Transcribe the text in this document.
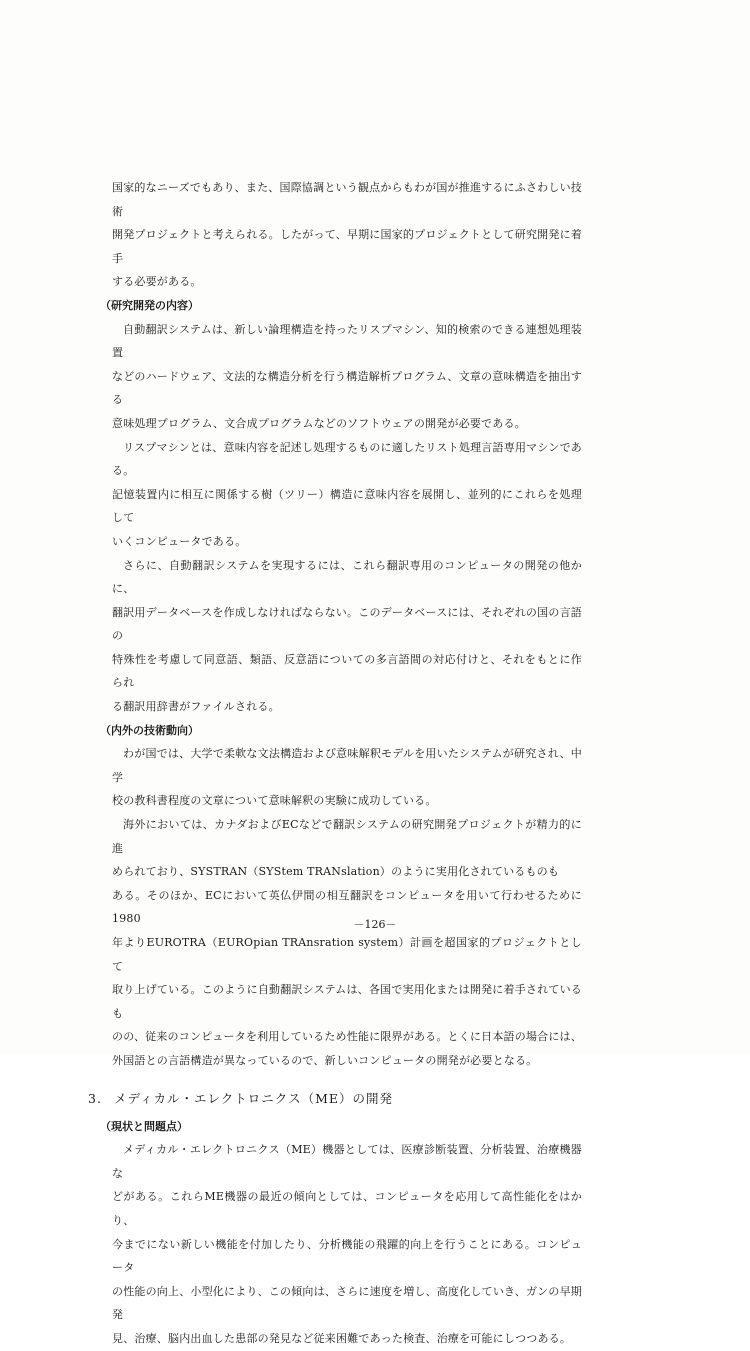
国家的なニーズでもあり、また、国際協調という観点からもわが国が推進するにふさわしい技術
開発プロジェクトと考えられる。したがって、早期に国家的プロジェクトとして研究開発に着手
する必要がある。

（研究開発の内容）

自動翻訳システムは、新しい論理構造を持ったリスプマシン、知的検索のできる連想処理装置
などのハードウェア、文法的な構造分析を行う構造解析プログラム、文章の意味構造を抽出する
意味処理プログラム、文合成プログラムなどのソフトウェアの開発が必要である。

リスプマシンとは、意味内容を記述し処理するものに適したリスト処理言語専用マシンである。
記憶装置内に相互に関係する樹（ツリー）構造に意味内容を展開し、並列的にこれらを処理して
いくコンピュータである。

さらに、自動翻訳システムを実現するには、これら翻訳専用のコンピュータの開発の他かに、
翻訳用データベースを作成しなければならない。このデータベースには、それぞれの国の言語の
特殊性を考慮して同意語、類語、反意語についての多言語間の対応付けと、それをもとに作られ
る翻訳用辞書がファイルされる。

（内外の技術動向）

わが国では、大学で柔軟な文法構造および意味解釈モデルを用いたシステムが研究され、中学
校の教科書程度の文章について意味解釈の実験に成功している。

海外においては、カナダおよびECなどで翻訳システムの研究開発プロジェクトが精力的に進
められており、SYSTRAN（SYStem TRANslation）のように実用化されているものも
ある。そのほか、ECにおいて英仏伊間の相互翻訳をコンピュータを用いて行わせるために1980
年よりEUROTRA（EUROpian TRAnsration system）計画を超国家的プロジェクトとして
取り上げている。このように自動翻訳システムは、各国で実用化または開発に着手されているも
のの、従来のコンピュータを利用しているため性能に限界がある。とくに日本語の場合には、
外国語との言語構造が異なっているので、新しいコンピュータの開発が必要となる。

3. メディカル・エレクトロニクス（ME）の開発
（現状と問題点）

メディカル・エレクトロニクス（ME）機器としては、医療診断装置、分析装置、治療機器な
どがある。これらME機器の最近の傾向としては、コンピュータを応用して高性能化をはかり、
今までにない新しい機能を付加したり、分析機能の飛躍的向上を行うことにある。コンピュータ
の性能の向上、小型化により、この傾向は、さらに速度を増し、高度化していき、ガンの早期発
見、治療、脳内出血した患部の発見など従来困難であった検査、治療を可能にしつつある。

－126－
